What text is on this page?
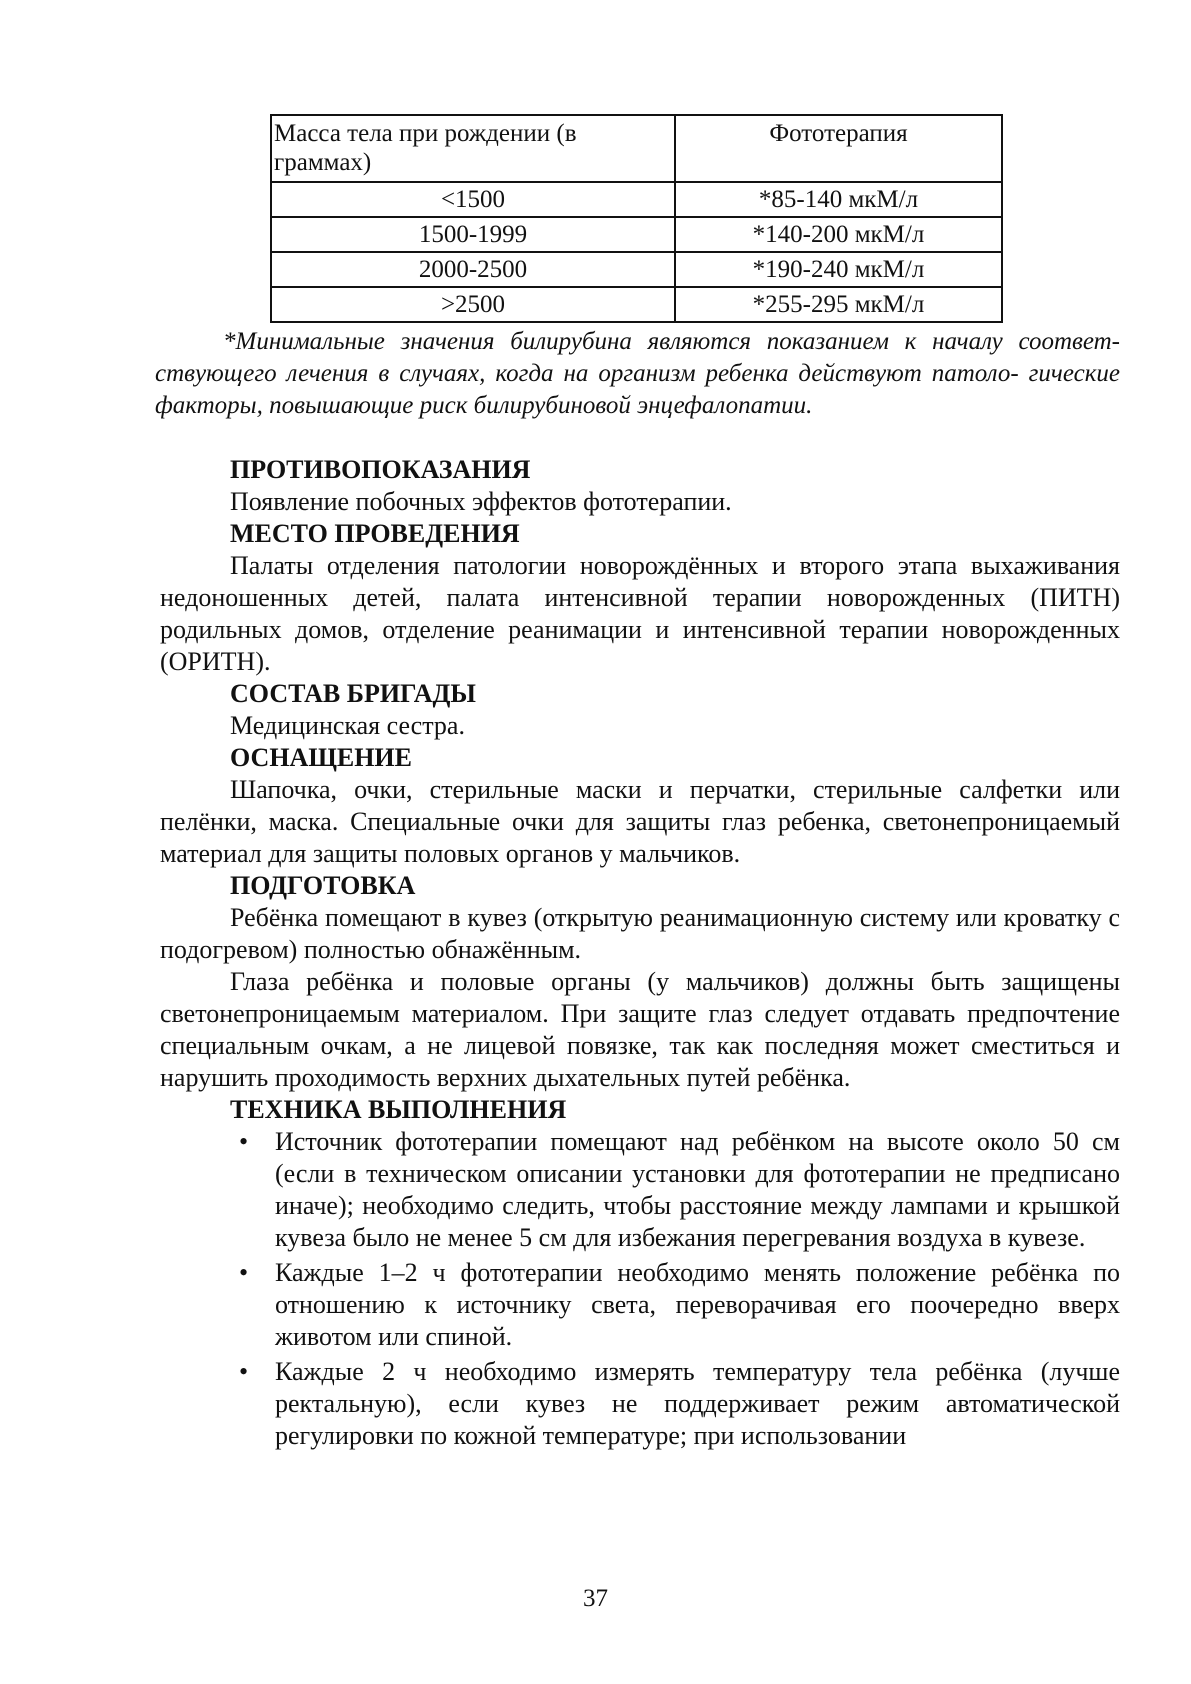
Масса тела при рождении (в граммах)	Фототерапия
<1500	*85-140 мкМ/л
1500-1999	*140-200 мкМ/л
2000-2500	*190-240 мкМ/л
>2500	*255-295 мкМ/л

*Минимальные значения билирубина являются показанием к началу соответ-ствующего лечения в случаях, когда на организм ребенка действуют патоло- гические факторы, повышающие риск билирубиновой энцефалопатии.

ПРОТИВОПОКАЗАНИЯ

Появление побочных эффектов фототерапии.

МЕСТО ПРОВЕДЕНИЯ

Палаты отделения патологии новорождённых и второго этапа выхаживания недоношенных детей, палата интенсивной терапии новорожденных (ПИТН) родильных домов, отделение реанимации и интенсивной терапии новорожденных (ОРИТН).

СОСТАВ БРИГАДЫ

Медицинская сестра.

ОСНАЩЕНИЕ

Шапочка, очки, стерильные маски и перчатки, стерильные салфетки или пелёнки, маска. Специальные очки для защиты глаз ребенка, светонепроницаемый материал для защиты половых органов у мальчиков.

ПОДГОТОВКА

Ребёнка помещают в кувез (открытую реанимационную систему или кроватку с подогревом) полностью обнажённым.

Глаза ребёнка и половые органы (у мальчиков) должны быть защищены светонепроницаемым материалом. При защите глаз следует отдавать предпочтение специальным очкам, а не лицевой повязке, так как последняя может сместиться и нарушить проходимость верхних дыхательных путей ребёнка.

ТЕХНИКА ВЫПОЛНЕНИЯ

• Источник фототерапии помещают над ребёнком на высоте около 50 см (если в техническом описании установки для фототерапии не предписано иначе); необходимо следить, чтобы расстояние между лампами и крышкой кувеза было не менее 5 см для избежания перегревания воздуха в кувезе.
• Каждые 1–2 ч фототерапии необходимо менять положение ребёнка по отношению к источнику света, переворачивая его поочередно вверх животом или спиной.
• Каждые 2 ч необходимо измерять температуру тела ребёнка (лучше ректальную), если кувез не поддерживает режим автоматической регулировки по кожной температуре; при использовании
37
